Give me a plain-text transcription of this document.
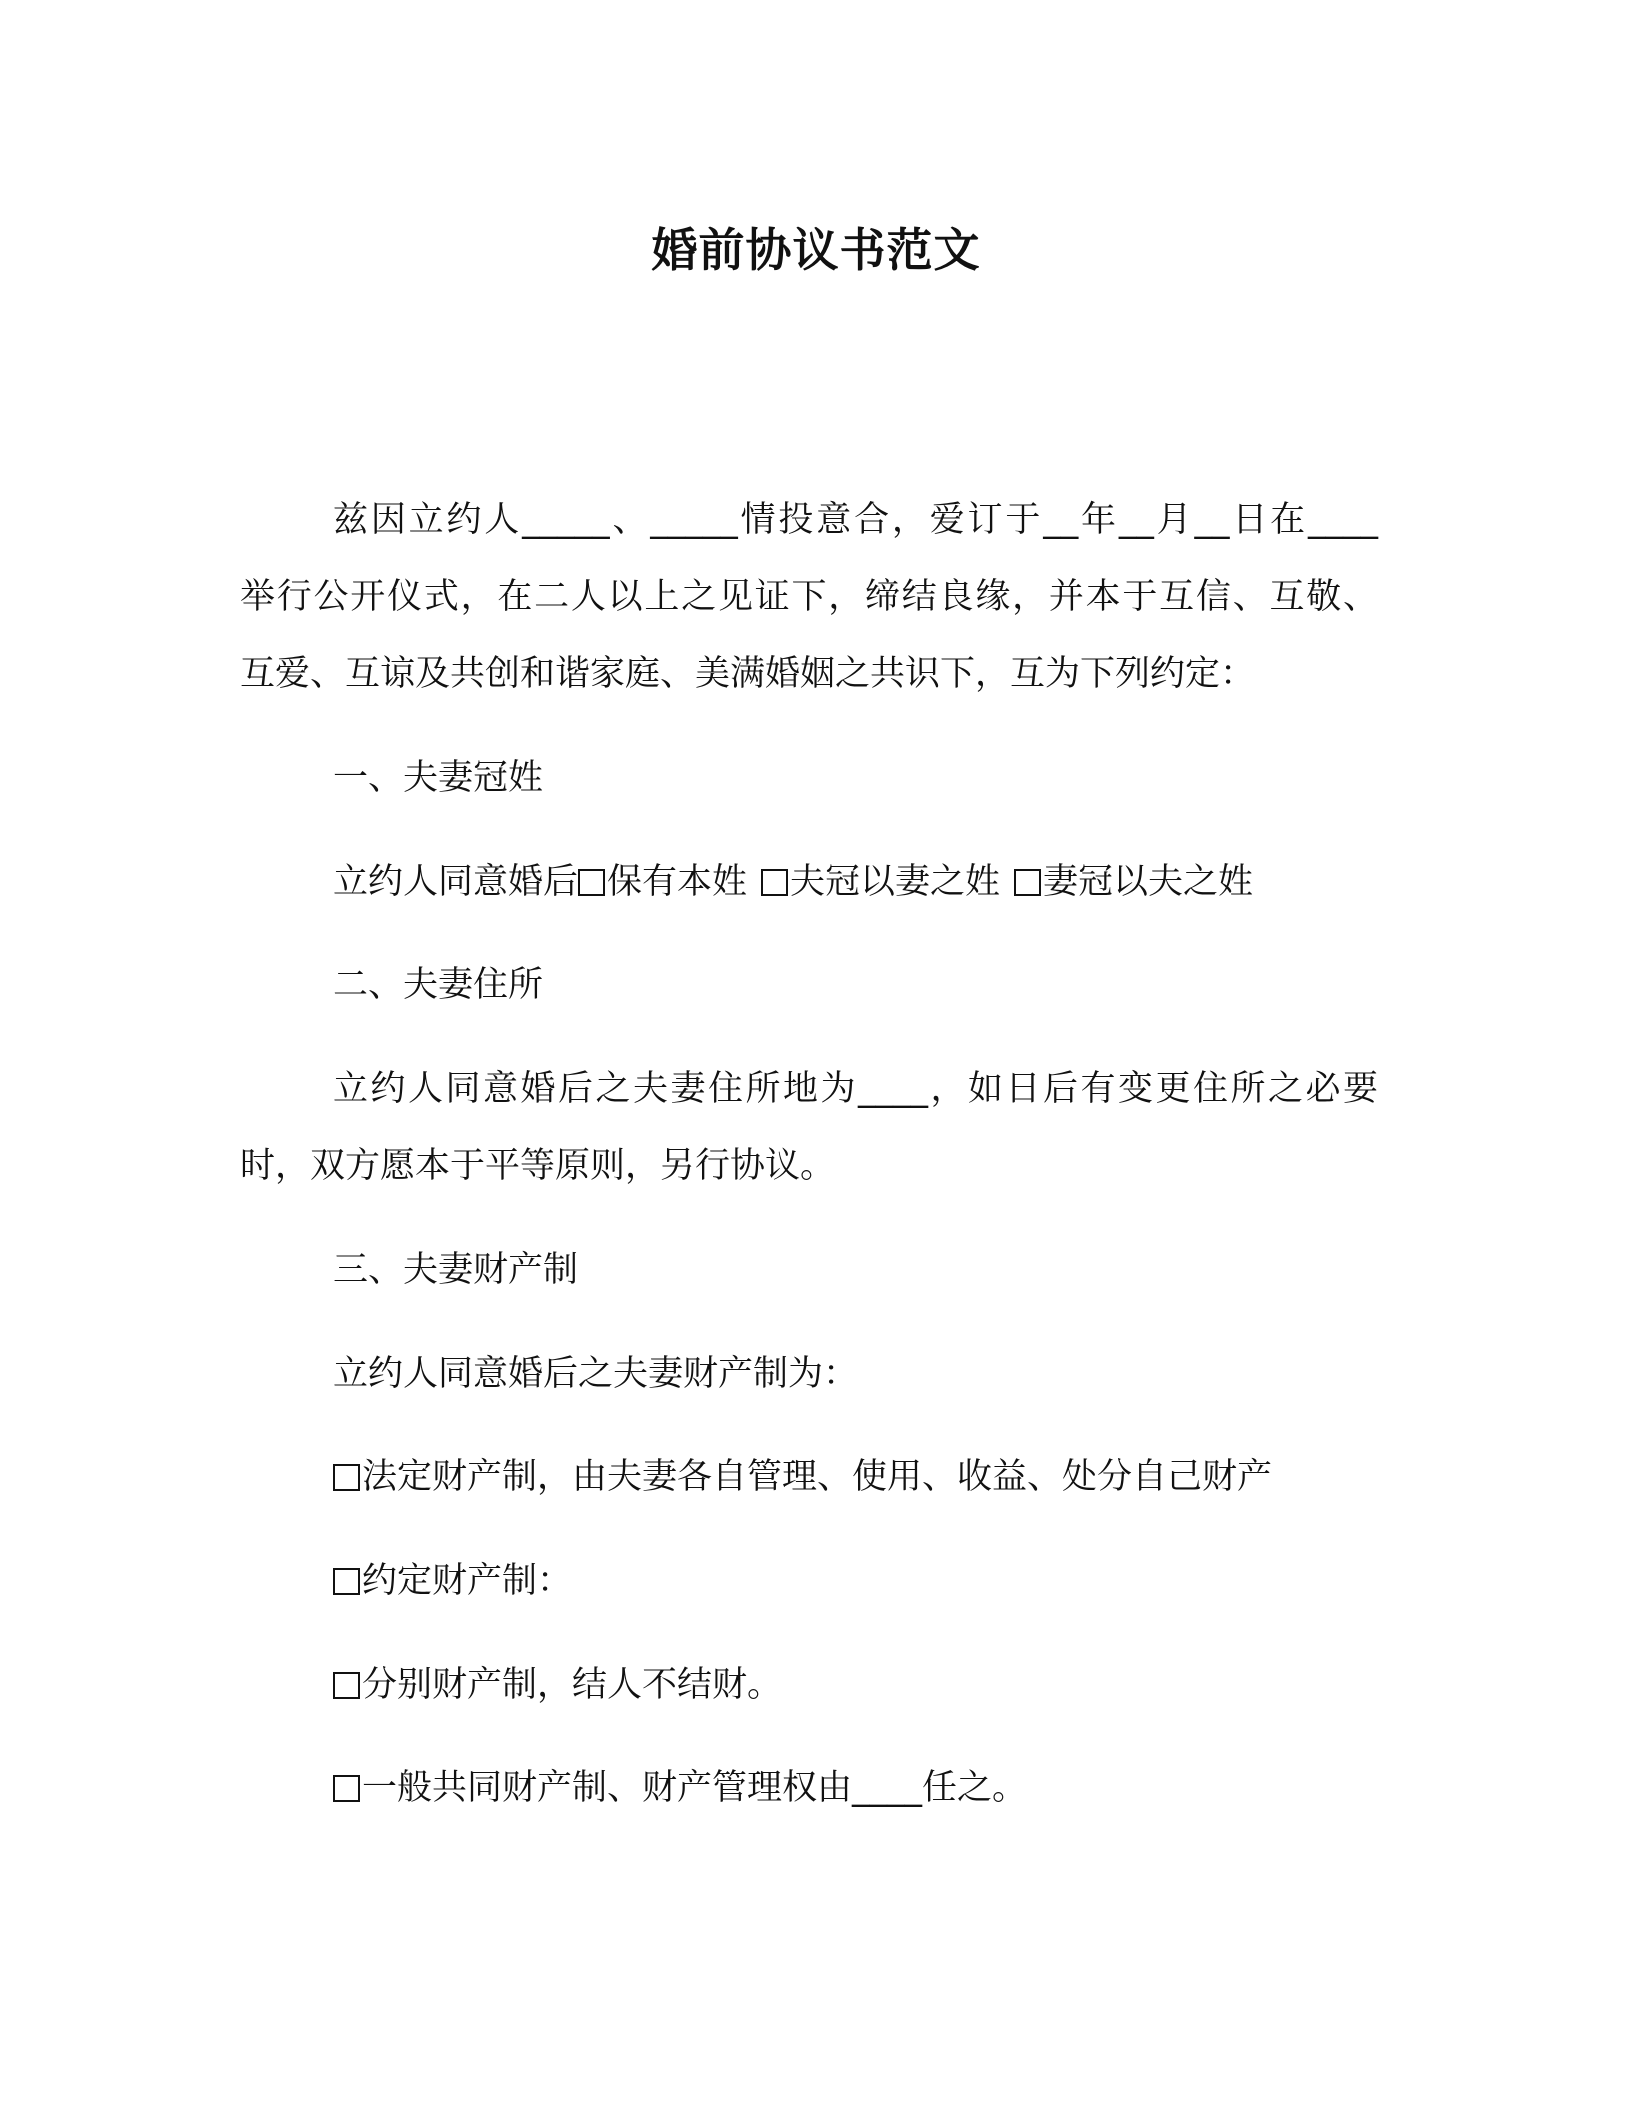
婚前协议书范文
兹因立约人_____、_____情投意合，爱订于__年__月__日在____
举行公开仪式，在二人以上之见证下，缔结良缘，并本于互信、互敬、
互爱、互谅及共创和谐家庭、美满婚姻之共识下，互为下列约定：
一、夫妻冠姓
立约人同意婚后 保有本姓 夫冠以妻之姓 妻冠以夫之姓
二、夫妻住所
立约人同意婚后之夫妻住所地为____，如日后有变更住所之必要
时，双方愿本于平等原则，另行协议。
三、夫妻财产制
立约人同意婚后之夫妻财产制为：
法定财产制，由夫妻各自管理、使用、收益、处分自己财产
约定财产制：
分别财产制，结人不结财。
一般共同财产制、财产管理权由____任之。
